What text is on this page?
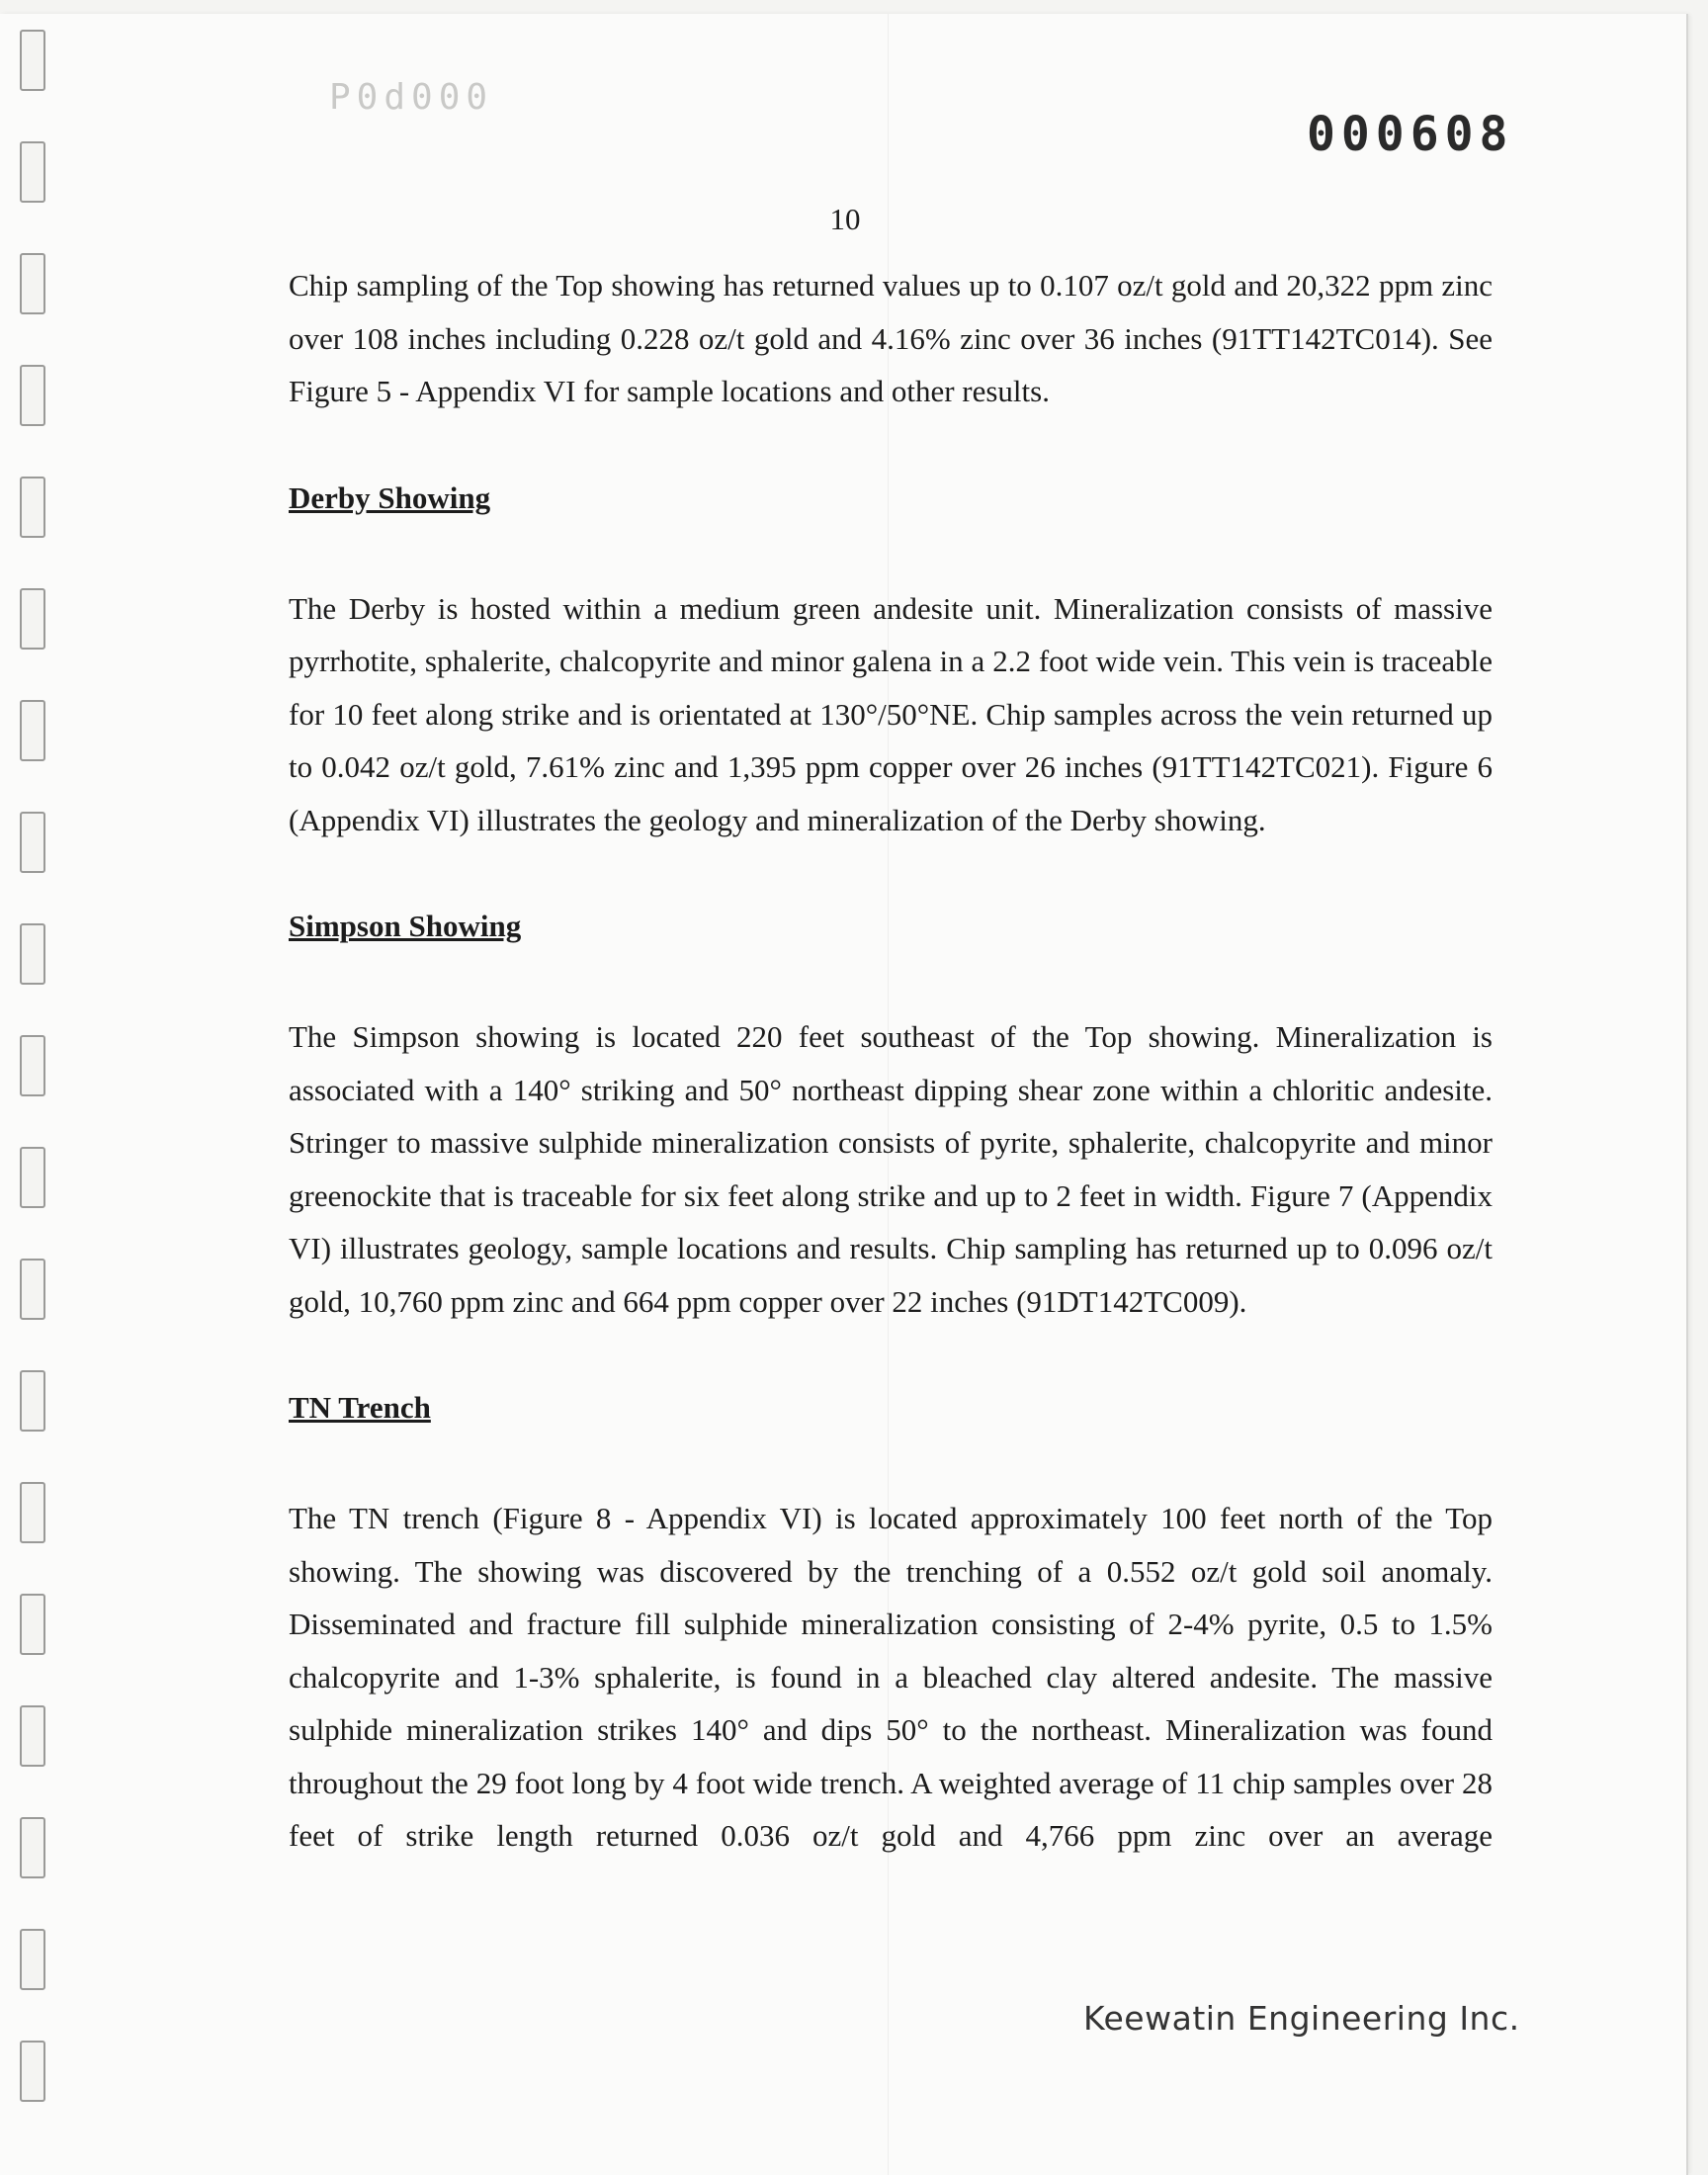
P0d000
000608
10

Chip sampling of the Top showing has returned values up to 0.107 oz/t gold and 20,322 ppm zinc over 108 inches including 0.228 oz/t gold and 4.16% zinc over 36 inches (91TT142TC014). See Figure 5 - Appendix VI for sample locations and other results.

Derby Showing

The Derby is hosted within a medium green andesite unit. Mineralization consists of massive pyrrhotite, sphalerite, chalcopyrite and minor galena in a 2.2 foot wide vein. This vein is traceable for 10 feet along strike and is orientated at 130°/50°NE. Chip samples across the vein returned up to 0.042 oz/t gold, 7.61% zinc and 1,395 ppm copper over 26 inches (91TT142TC021). Figure 6 (Appendix VI) illustrates the geology and mineralization of the Derby showing.

Simpson Showing

The Simpson showing is located 220 feet southeast of the Top showing. Mineralization is associated with a 140° striking and 50° northeast dipping shear zone within a chloritic andesite. Stringer to massive sulphide mineralization consists of pyrite, sphalerite, chalcopyrite and minor greenockite that is traceable for six feet along strike and up to 2 feet in width. Figure 7 (Appendix VI) illustrates geology, sample locations and results. Chip sampling has returned up to 0.096 oz/t gold, 10,760 ppm zinc and 664 ppm copper over 22 inches (91DT142TC009).

TN Trench

The TN trench (Figure 8 - Appendix VI) is located approximately 100 feet north of the Top showing. The showing was discovered by the trenching of a 0.552 oz/t gold soil anomaly. Disseminated and fracture fill sulphide mineralization consisting of 2-4% pyrite, 0.5 to 1.5% chalcopyrite and 1-3% sphalerite, is found in a bleached clay altered andesite. The massive sulphide mineralization strikes 140° and dips 50° to the northeast. Mineralization was found throughout the 29 foot long by 4 foot wide trench. A weighted average of 11 chip samples over 28 feet of strike length returned 0.036 oz/t gold and 4,766 ppm zinc over an average

Keewatin Engineering Inc.
